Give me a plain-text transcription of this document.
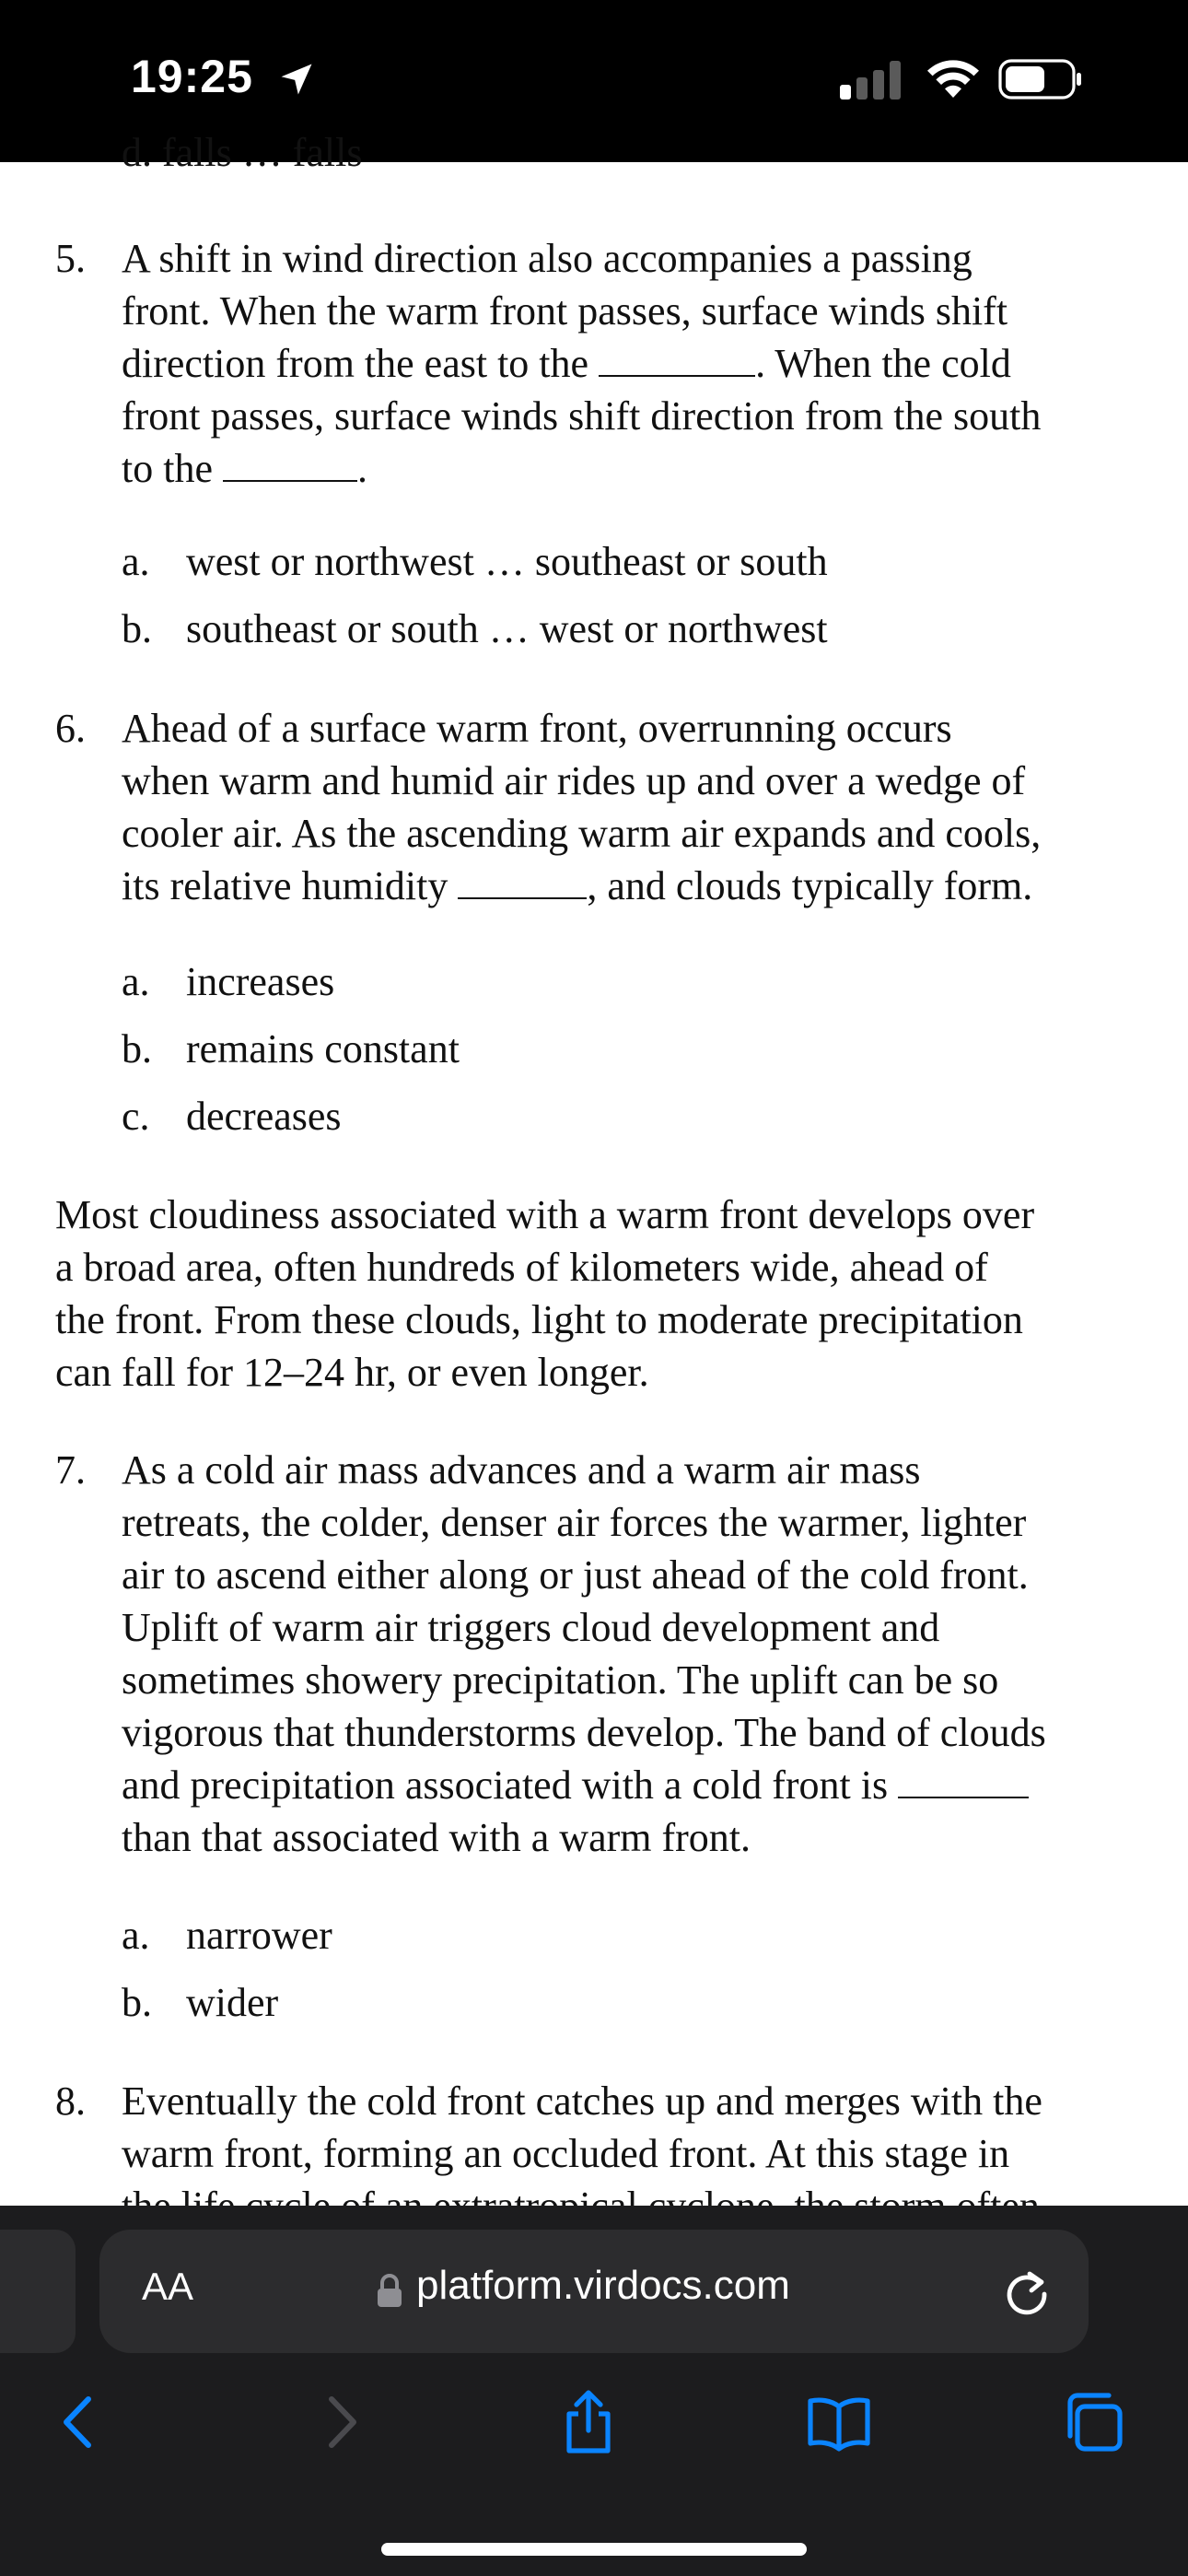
19:25
d. falls … falls
5. A shift in wind direction also accompanies a passing
front. When the warm front passes, surface winds shift
direction from the east to the	. When the cold
front passes, surface winds shift direction from the south
to the	.
a. west or northwest … southeast or south
b. southeast or south … west or northwest
6. Ahead of a surface warm front, overrunning occurs
when warm and humid air rides up and over a wedge of
cooler air. As the ascending warm air expands and cools,
its relative humidity	, and clouds typically form.
a. increases
b. remains constant
c. decreases
Most cloudiness associated with a warm front develops over
a broad area, often hundreds of kilometers wide, ahead of
the front. From these clouds, light to moderate precipitation
can fall for 12–24 hr, or even longer.
7. As a cold air mass advances and a warm air mass
retreats, the colder, denser air forces the warmer, lighter
air to ascend either along or just ahead of the cold front.
Uplift of warm air triggers cloud development and
sometimes showery precipitation. The uplift can be so
vigorous that thunderstorms develop. The band of clouds
and precipitation associated with a cold front is
than that associated with a warm front.
a. narrower
b. wider
8. Eventually the cold front catches up and merges with the
warm front, forming an occluded front. At this stage in
AA	platform.virdocs.com
